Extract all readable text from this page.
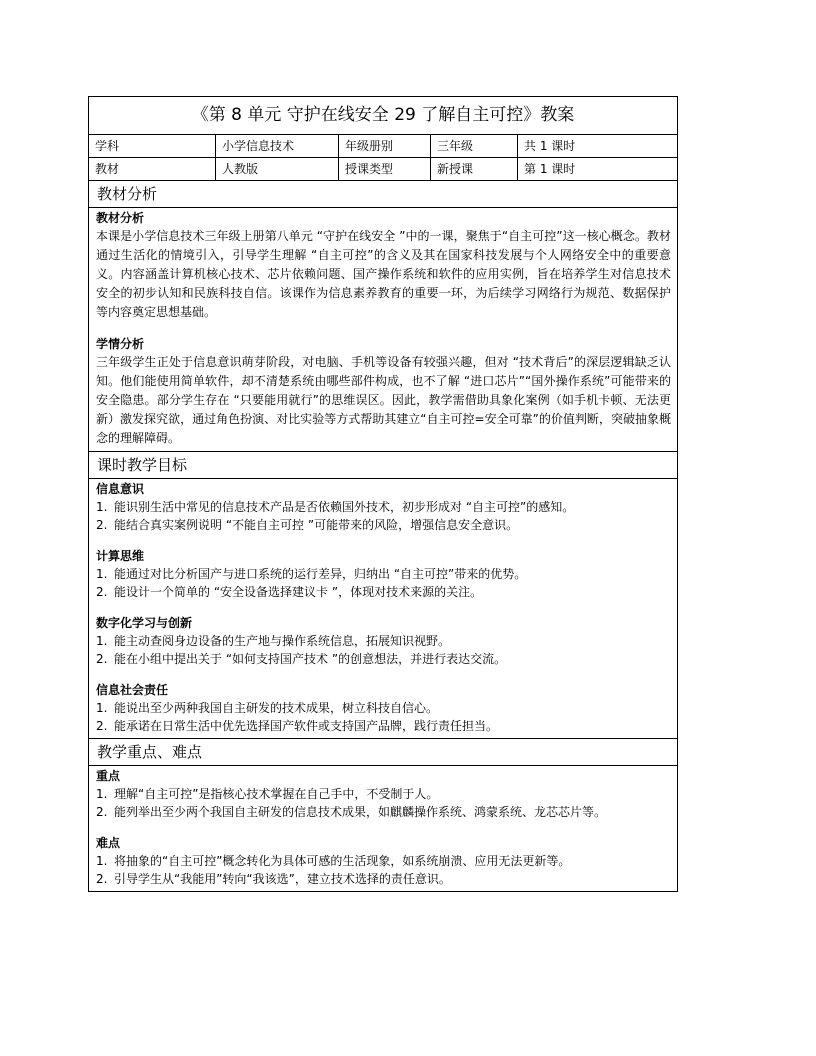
《第 8 单元 守护在线安全 29 了解自主可控》教案
学科	小学信息技术	年级册别	三年级	共 1 课时
教材	人教版	授课类型	新授课	第 1 课时
教材分析
教材分析

本课是小学信息技术三年级上册第八单元 “守护在线安全 ”中的一课，聚焦于“自主可控”这一核心概念。教材通过生活化的情境引入，引导学生理解 “自主可控”的含义及其在国家科技发展与个人网络安全中的重要意义。内容涵盖计算机核心技术、芯片依赖问题、国产操作系统和软件的应用实例，旨在培养学生对信息技术安全的初步认知和民族科技自信。该课作为信息素养教育的重要一环，为后续学习网络行为规范、数据保护等内容奠定思想基础。

学情分析

三年级学生正处于信息意识萌芽阶段，对电脑、手机等设备有较强兴趣，但对 “技术背后”的深层逻辑缺乏认知。他们能使用简单软件，却不清楚系统由哪些部件构成，也不了解 “进口芯片”“国外操作系统”可能带来的安全隐患。部分学生存在 “只要能用就行”的思维误区。因此，教学需借助具象化案例（如手机卡顿、无法更新）激发探究欲，通过角色扮演、对比实验等方式帮助其建立“自主可控=安全可靠”的价值判断，突破抽象概念的理解障碍。

课时教学目标
信息意识
1. 能识别生活中常见的信息技术产品是否依赖国外技术，初步形成对 “自主可控”的感知。
2. 能结合真实案例说明 “不能自主可控 ”可能带来的风险，增强信息安全意识。
计算思维
1. 能通过对比分析国产与进口系统的运行差异，归纳出 “自主可控”带来的优势。
2. 能设计一个简单的 “安全设备选择建议卡 ”，体现对技术来源的关注。
数字化学习与创新
1. 能主动查阅身边设备的生产地与操作系统信息，拓展知识视野。
2. 能在小组中提出关于 “如何支持国产技术 ”的创意想法，并进行表达交流。
信息社会责任
1. 能说出至少两种我国自主研发的技术成果，树立科技自信心。
2. 能承诺在日常生活中优先选择国产软件或支持国产品牌，践行责任担当。
教学重点、难点
重点
1. 理解“自主可控”是指核心技术掌握在自己手中，不受制于人。
2. 能列举出至少两个我国自主研发的信息技术成果，如麒麟操作系统、鸿蒙系统、龙芯芯片等。
难点
1. 将抽象的“自主可控”概念转化为具体可感的生活现象，如系统崩溃、应用无法更新等。
2. 引导学生从“我能用”转向“我该选”，建立技术选择的责任意识。
